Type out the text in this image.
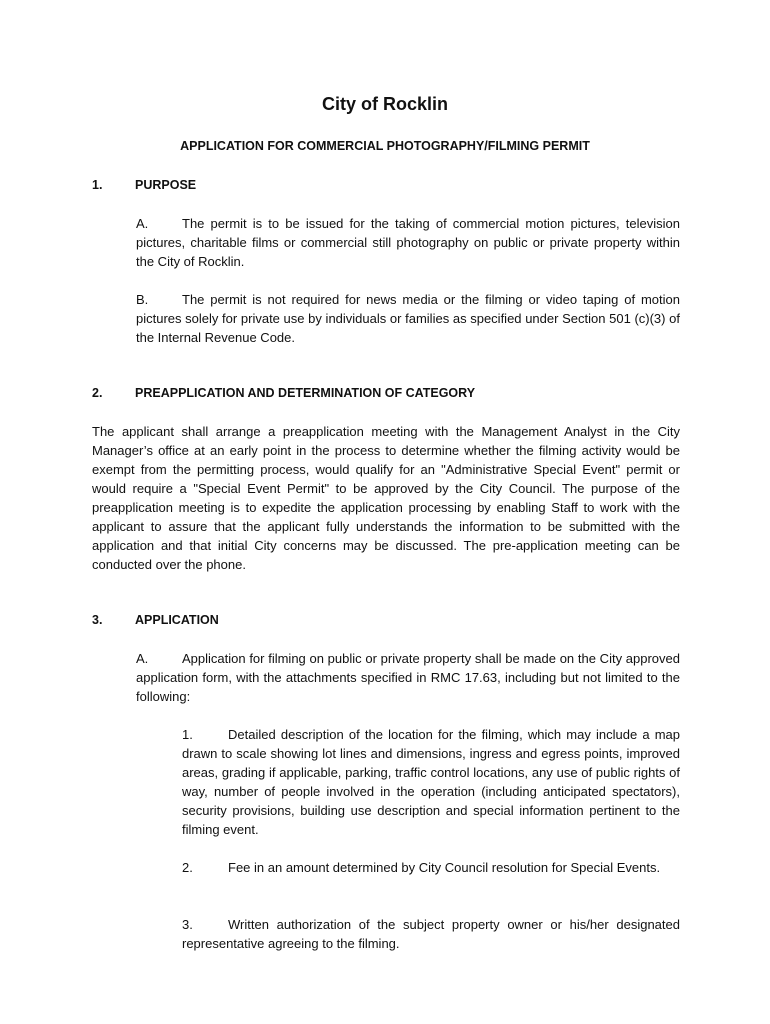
City of Rocklin
APPLICATION FOR COMMERCIAL PHOTOGRAPHY/FILMING PERMIT
1.	PURPOSE

A.	The permit is to be issued for the taking of commercial motion pictures, television pictures, charitable films or commercial still photography on public or private property within the City of Rocklin.

B.	The permit is not required for news media or the filming or video taping of motion pictures solely for private use by individuals or families as specified under Section 501 (c)(3) of the Internal Revenue Code.

2.	PREAPPLICATION AND DETERMINATION OF CATEGORY

The applicant shall arrange a preapplication meeting with the Management Analyst in the City Manager’s office at an early point in the process to determine whether the filming activity would be exempt from the permitting process, would qualify for an "Administrative Special Event" permit or would require a "Special Event Permit" to be approved by the City Council. The purpose of the preapplication meeting is to expedite the application processing by enabling Staff to work with the applicant to assure that the applicant fully understands the information to be submitted with the application and that initial City concerns may be discussed. The pre-application meeting can be conducted over the phone.

3.	APPLICATION

A.	Application for filming on public or private property shall be made on the City approved application form, with the attachments specified in RMC 17.63, including but not limited to the following:

1.	Detailed description of the location for the filming, which may include a map drawn to scale showing lot lines and dimensions, ingress and egress points, improved areas, grading if applicable, parking, traffic control locations, any use of public rights of way, number of people involved in the operation (including anticipated spectators), security provisions, building use description and special information pertinent to the filming event.

2.	Fee in an amount determined by City Council resolution for Special Events.

3.	Written authorization of the subject property owner or his/her designated representative agreeing to the filming.
